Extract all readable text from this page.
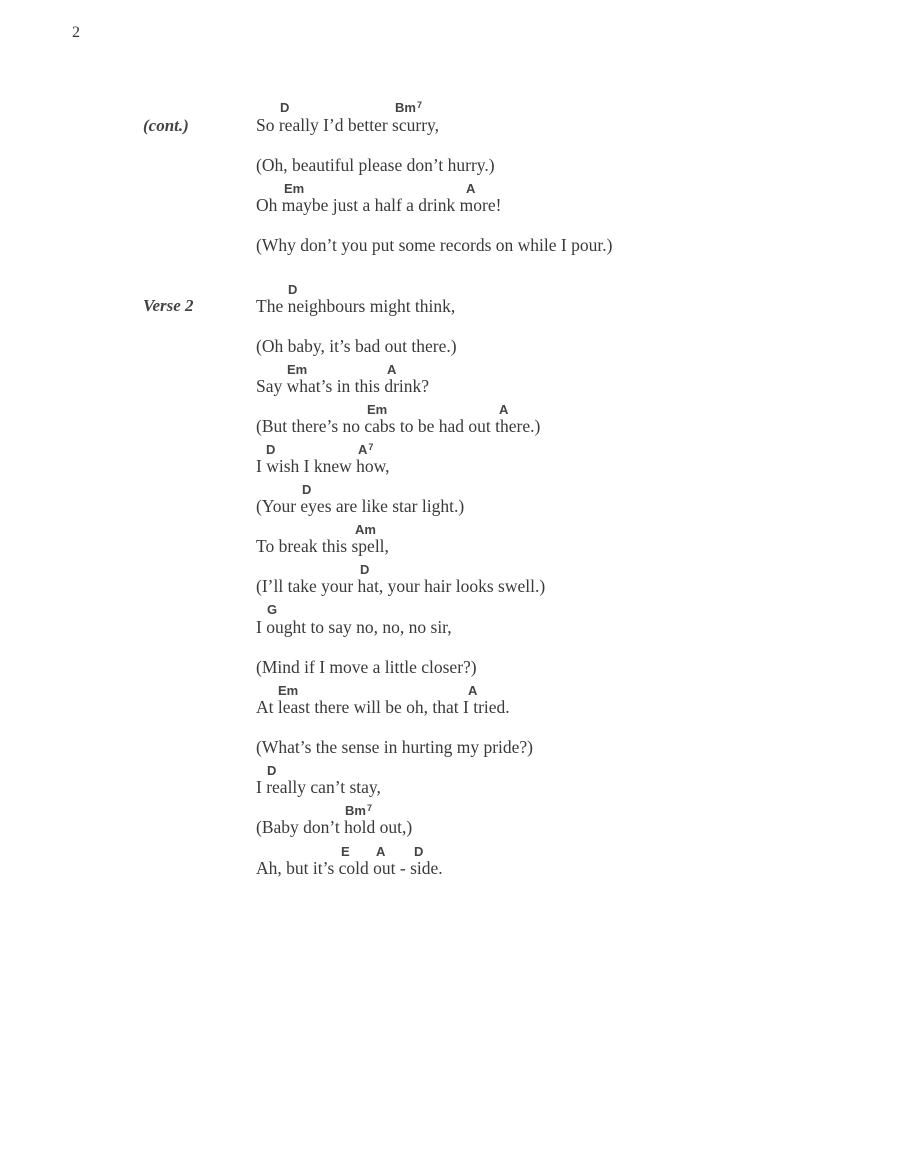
2
(cont.)
Verse 2
D	Bm$^7$
So really I’d better scurry,
(Oh, beautiful please don’t hurry.)
Em	A
Oh maybe just a half a drink more!
(Why don’t you put some records on while I pour.)
D
The neighbours might think,
(Oh baby, it’s bad out there.)
Em	A
Say what’s in this drink?
Em	A
(But there’s no cabs to be had out there.)
D	$A^7$
I wish I knew how,
D
(Your eyes are like star light.)
Am
To break this spell,
D
(I’ll take your hat, your hair looks swell.)
G
I ought to say no, no, no sir,
(Mind if I move a little closer?)
Em	A
At least there will be oh, that I tried.
(What’s the sense in hurting my pride?)
D
I really can’t stay,
Bm$^7$
(Baby don’t hold out,)
E A D
Ah, but it’s cold out - side.
